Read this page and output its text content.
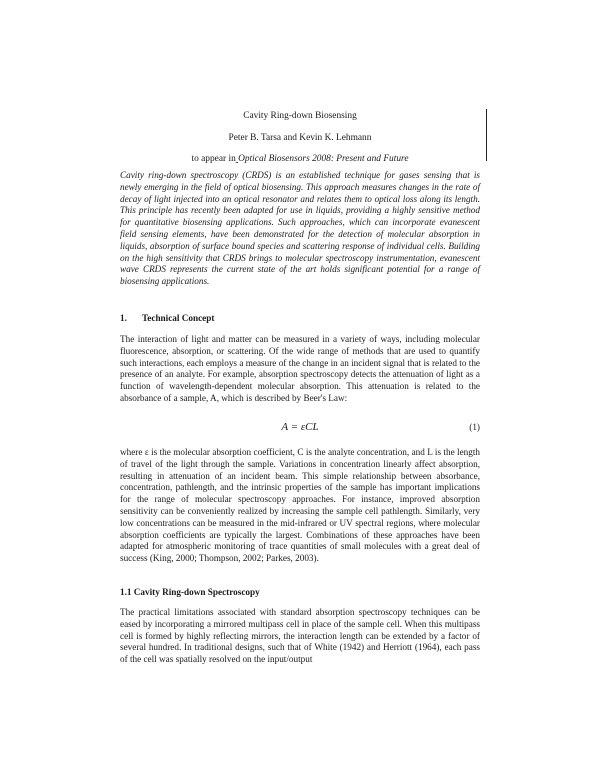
Cavity Ring-down Biosensing
Peter B. Tarsa and Kevin K. Lehmann
to appear in Optical Biosensors 2008: Present and Future
Cavity ring-down spectroscopy (CRDS) is an established technique for gases sensing that is newly emerging in the field of optical biosensing. This approach measures changes in the rate of decay of light injected into an optical resonator and relates them to optical loss along its length. This principle has recently been adapted for use in liquids, providing a highly sensitive method for quantitative biosensing applications. Such approaches, which can incorporate evanescent field sensing elements, have been demonstrated for the detection of molecular absorption in liquids, absorption of surface bound species and scattering response of individual cells. Building on the high sensitivity that CRDS brings to molecular spectroscopy instrumentation, evanescent wave CRDS represents the current state of the art holds significant potential for a range of biosensing applications.
1. Technical Concept
The interaction of light and matter can be measured in a variety of ways, including molecular fluorescence, absorption, or scattering. Of the wide range of methods that are used to quantify such interactions, each employs a measure of the change in an incident signal that is related to the presence of an analyte. For example, absorption spectroscopy detects the attenuation of light as a function of wavelength-dependent molecular absorption. This attenuation is related to the absorbance of a sample, A, which is described by Beer's Law:
A = εCL	(1)
where ε is the molecular absorption coefficient, C is the analyte concentration, and L is the length of travel of the light through the sample. Variations in concentration linearly affect absorption, resulting in attenuation of an incident beam. This simple relationship between absorbance, concentration, pathlength, and the intrinsic properties of the sample has important implications for the range of molecular spectroscopy approaches. For instance, improved absorption sensitivity can be conveniently realized by increasing the sample cell pathlength. Similarly, very low concentrations can be measured in the mid-infrared or UV spectral regions, where molecular absorption coefficients are typically the largest. Combinations of these approaches have been adapted for atmospheric monitoring of trace quantities of small molecules with a great deal of success (King, 2000; Thompson, 2002; Parkes, 2003).
1.1 Cavity Ring-down Spectroscopy
The practical limitations associated with standard absorption spectroscopy techniques can be eased by incorporating a mirrored multipass cell in place of the sample cell. When this multipass cell is formed by highly reflecting mirrors, the interaction length can be extended by a factor of several hundred. In traditional designs, such that of White (1942) and Herriott (1964), each pass of the cell was spatially resolved on the input/output
